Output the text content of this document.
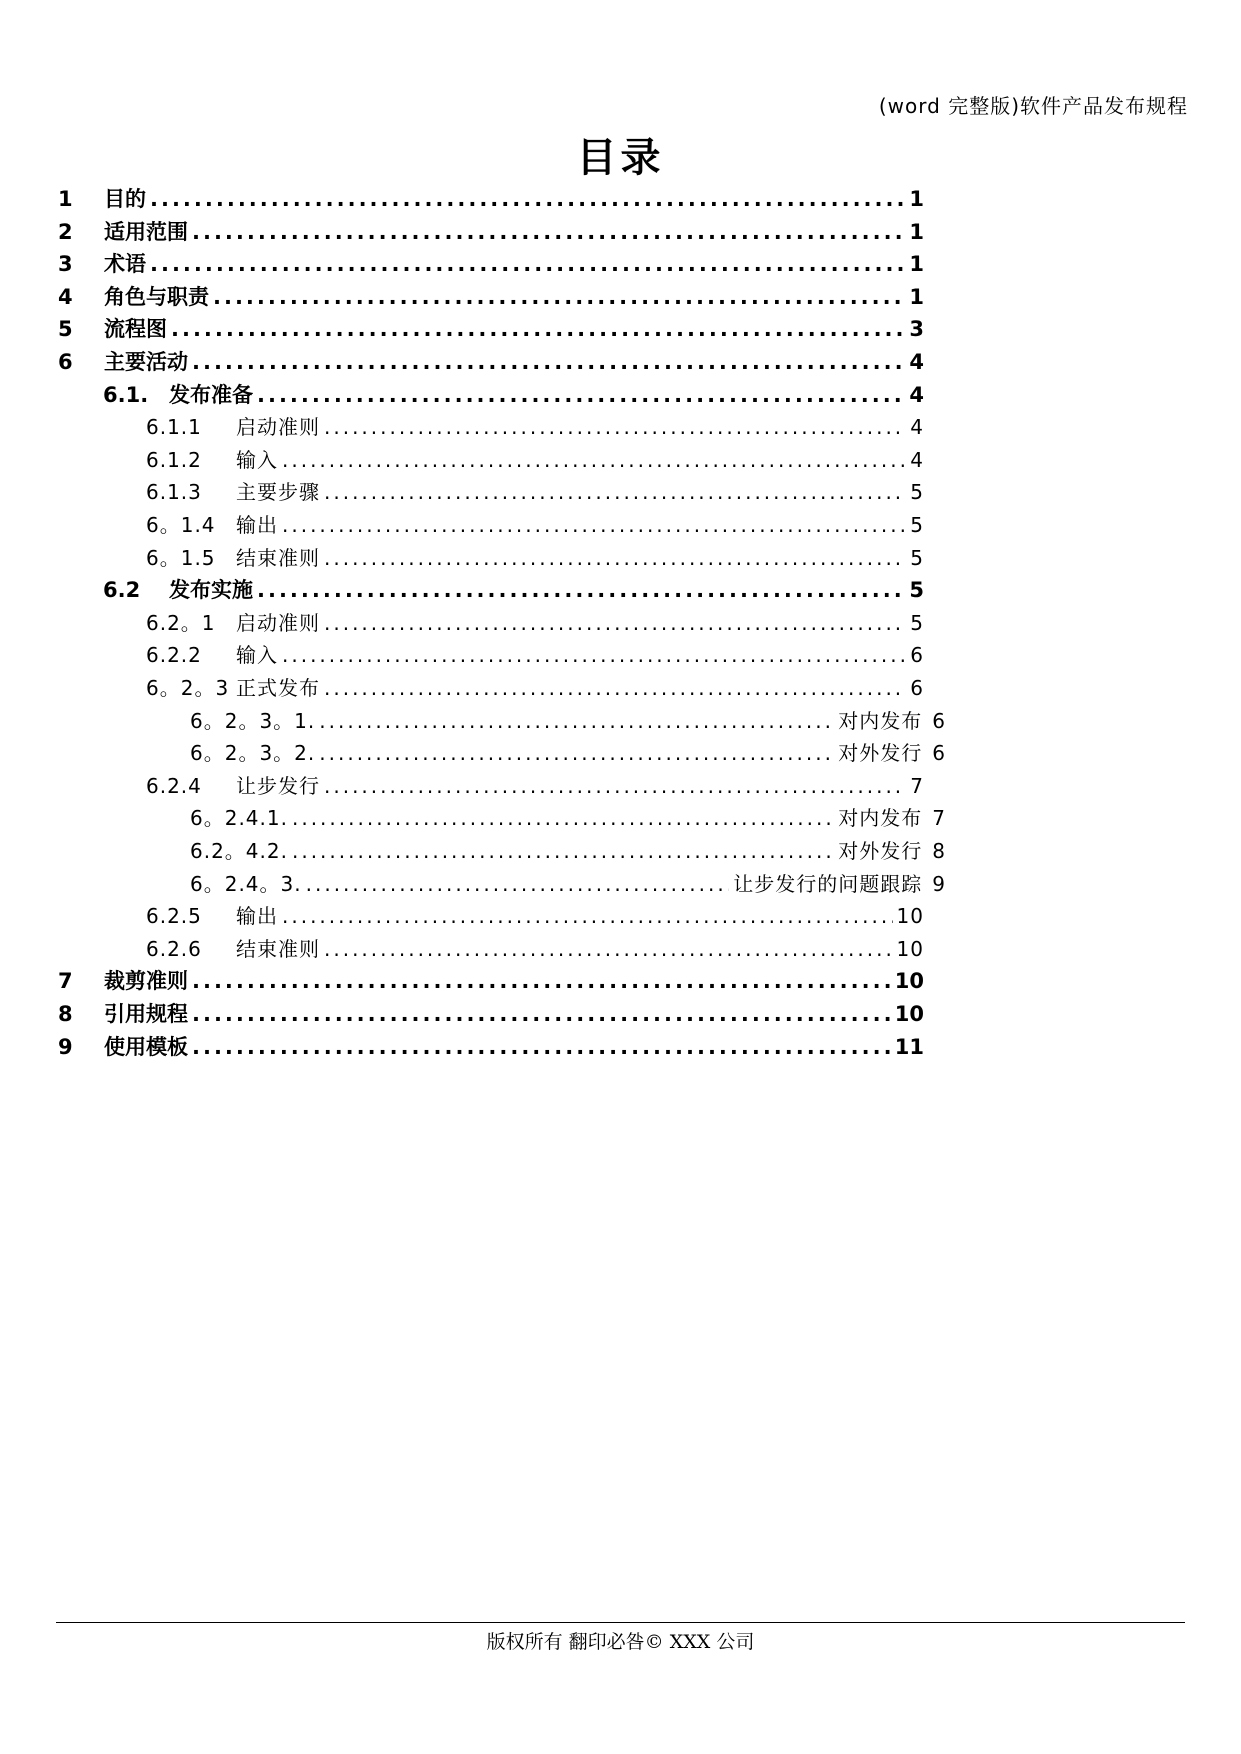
(word 完整版)软件产品发布规程
目录
1	目的 .....	1
2	适用范围 .....	1
3	术语 .....	1
4	角色与职责 .....	1
5	流程图 .....	3
6	主要活动 .....	4
6.1. 发布准备 .....	4
6.1.1	启动准则 .....	4
6.1.2	输入 .....	4
6.1.3	主要步骤 .....	5
6。1.4	输出 .....	5
6。1.5	结束准则 .....	5
6.2	发布实施 .....	5
6.2。1	启动准则 .....	5
6.2.2	输入 .....	6
6。2。3 正式发布 .....	6
6。2。3。1. .....	对内发布 6
6。2。3。2. .....	对外发行 6
6.2.4	让步发行 .....	7
6。2.4.1. .....	对内发布 7
6.2。4.2. .....	对外发行 8
6。2.4。3. .....	让步发行的问题跟踪 9
6.2.5	输出 .....	10
6.2.6	结束准则 .....	10
7	裁剪准则 .....	10
8	引用规程 .....	10
9	使用模板 .....	11
版权所有 翻印必咎© XXX 公司
